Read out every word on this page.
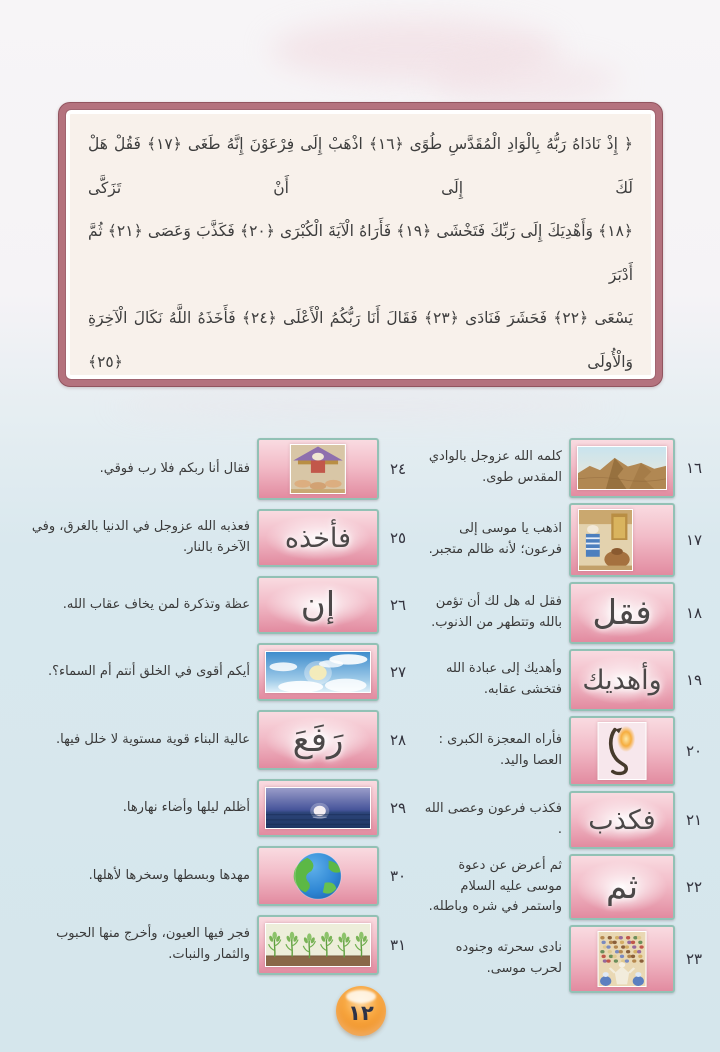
﴿ إِذْ نَادَاهُ رَبُّهُ بِالْوَادِ الْمُقَدَّسِ طُوًى ﴿١٦﴾ اذْهَبْ إِلَى فِرْعَوْنَ إِنَّهُ طَغَى ﴿١٧﴾ فَقُلْ هَلْ لَكَ إِلَى أَنْ تَزَكَّى
﴿١٨﴾ وَأَهْدِيَكَ إِلَى رَبِّكَ فَتَخْشَى ﴿١٩﴾ فَأَرَاهُ الْآيَةَ الْكُبْرَى ﴿٢٠﴾ فَكَذَّبَ وَعَصَى ﴿٢١﴾ ثُمَّ أَدْبَرَ
يَسْعَى ﴿٢٢﴾ فَحَشَرَ فَنَادَى ﴿٢٣﴾ فَقَالَ أَنَا رَبُّكُمُ الْأَعْلَى ﴿٢٤﴾ فَأَخَذَهُ اللَّهُ نَكَالَ الْآخِرَةِ وَالْأُولَى ﴿٢٥﴾
١٦
كلمه الله عزوجل بالوادي المقدس طوى.
١٧
اذهب يا موسى إلى فرعون؛ لأنه ظالم متجبر.
١٨
فقل
فقل له هل لك أن تؤمن بالله وتتطهر من الذنوب.
١٩
وأهديك
وأهديك إلى عبادة الله فتخشى عقابه.
٢٠
فأراه المعجزة الكبرى : العصا واليد.
٢١
فكذب
فكذب فرعون وعصى الله .
٢٢
ثم
ثم أعرض عن دعوة موسى عليه السلام واستمر في شره وباطله.
٢٣
نادى سحرته وجنوده لحرب موسى.
٢٤
فقال أنا ربكم فلا رب فوقي.
٢٥
فأخذه
فعذبه الله عزوجل في الدنيا بالغرق، وفي الآخرة بالنار.
٢٦
إن
عظة وتذكرة لمن يخاف عقاب الله.
٢٧
أيكم أقوى في الخلق أنتم أم السماء؟.
٢٨
رَفَعَ
عالية البناء قوية مستوية لا خلل فيها.
٢٩
أظلم ليلها وأضاء نهارها.
٣٠
مهدها وبسطها وسخرها لأهلها.
٣١
فجر فيها العيون، وأخرج منها الحبوب والثمار والنبات.
١٢
